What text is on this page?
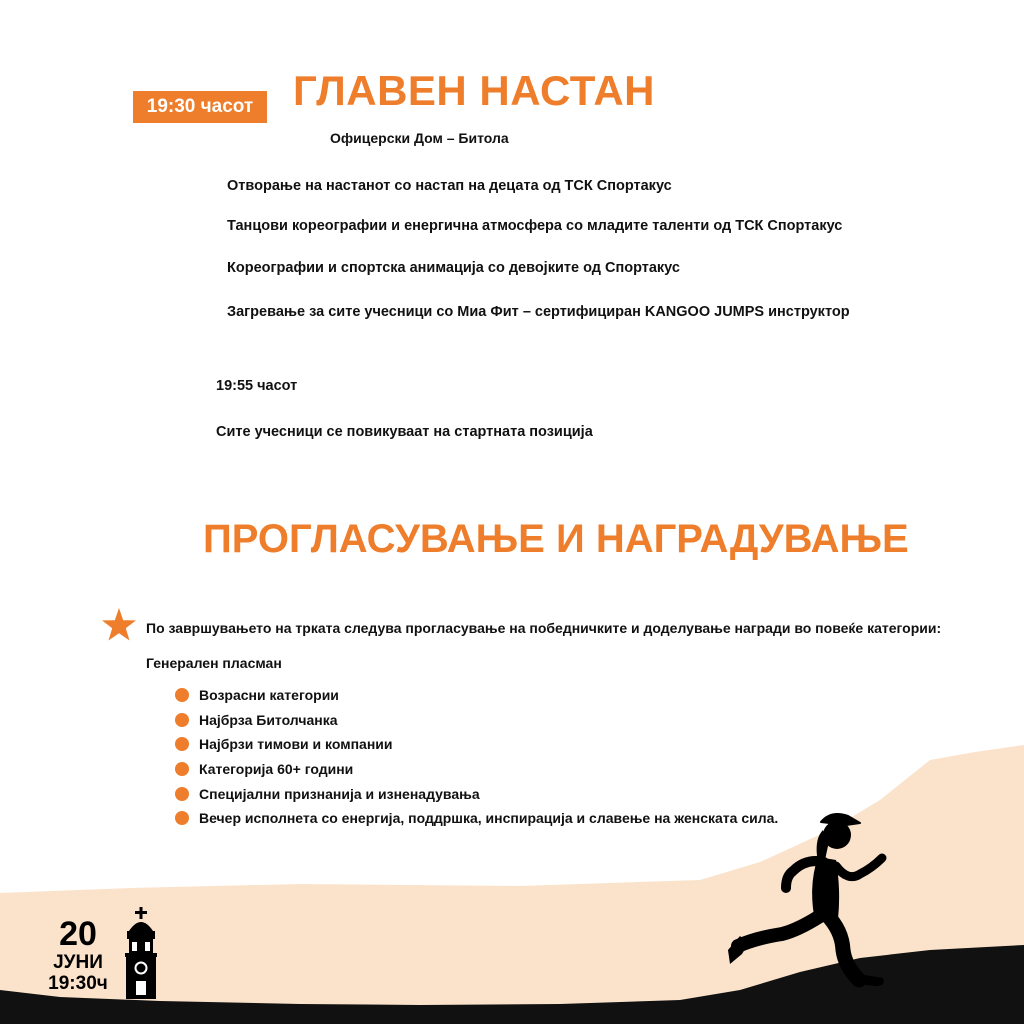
19:30 часот ГЛАВЕН НАСТАН
Офицерски Дом – Битола
Отворање на настанот со настап на децата од ТСК Спортакус
Танцови кореографии и енергична атмосфера со младите таленти од ТСК Спортакус
Кореографии и спортска анимација со девојките од Спортакус
Загревање за сите учесници со Миа Фит – сертифициран KANGOO JUMPS инструктор
19:55 часот
Сите учесници се повикуваат на стартната позиција
ПРОГЛАСУВАЊЕ И НАГРАДУВАЊЕ
По завршувањето на трката следува прогласување на победничките и доделување награди во повеќе категории:
Генерален пласман
Возрасни категории
Најбрза Битолчанка
Најбрзи тимови и компании
Категорија 60+ години
Специјални признанија и изненадувања
Вечер исполнета со енергија, поддршка, инспирација и славење на женската сила.
20
ЈУНИ
19:30ч
